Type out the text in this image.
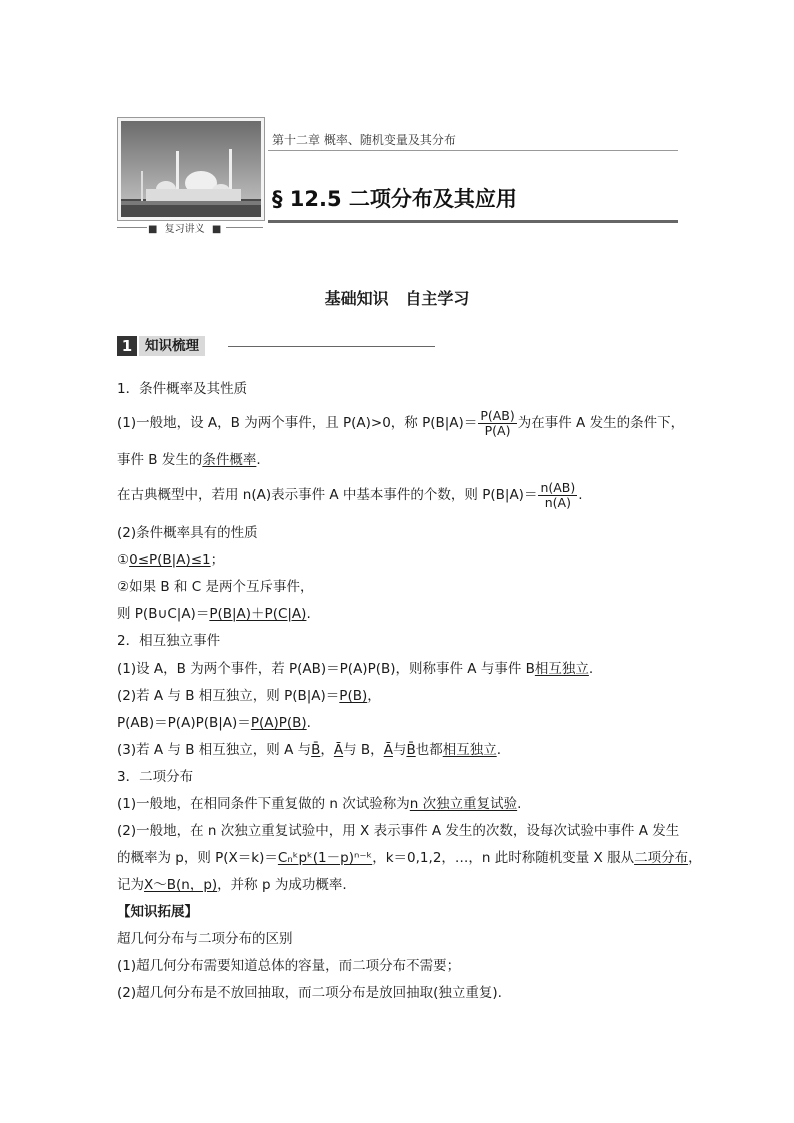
■ 复习讲义 ■
第十二章 概率、随机变量及其分布
§ 12.5 二项分布及其应用
基础知识   自主学习
1 知识梳理
1．条件概率及其性质
(1)一般地，设 A，B 为两个事件，且 P(A)>0，称 $P(B|A)= \frac{P(AB)}{P(A)}$ 为在事件 A 发生的条件下，
事件 B 发生的条件概率.
在古典概型中，若用 n(A)表示事件 A 中基本事件的个数，则 $P(B|A)= \frac{n(AB)}{n(A)}$ .
(2)条件概率具有的性质
①0≤P(B|A)≤1；
②如果 B 和 C 是两个互斥事件，
则 P(B∪C|A)＝P(B|A)＋P(C|A).
2．相互独立事件
(1)设 A，B 为两个事件，若 P(AB)＝P(A)P(B)，则称事件 A 与事件 B相互独立.
(2)若 A 与 B 相互独立，则 P(B|A)＝P(B)，
P(AB)＝P(A)P(B|A)＝P(A)P(B).
(3)若 A 与 B 相互独立，则 A 与B̄，Ā与 B，Ā与B̄也都相互独立.
3．二项分布
(1)一般地，在相同条件下重复做的 n 次试验称为n 次独立重复试验.
(2)一般地，在 n 次独立重复试验中，用 X 表示事件 A 发生的次数，设每次试验中事件 A 发生
的概率为 p，则 P(X＝k)＝Cₙᵏpᵏ(1－p)ⁿ⁻ᵏ，k＝0,1,2，…，n 此时称随机变量 X 服从二项分布，
记为X～B(n，p)，并称 p 为成功概率.
【知识拓展】
超几何分布与二项分布的区别
(1)超几何分布需要知道总体的容量，而二项分布不需要；
(2)超几何分布是不放回抽取，而二项分布是放回抽取(独立重复).
